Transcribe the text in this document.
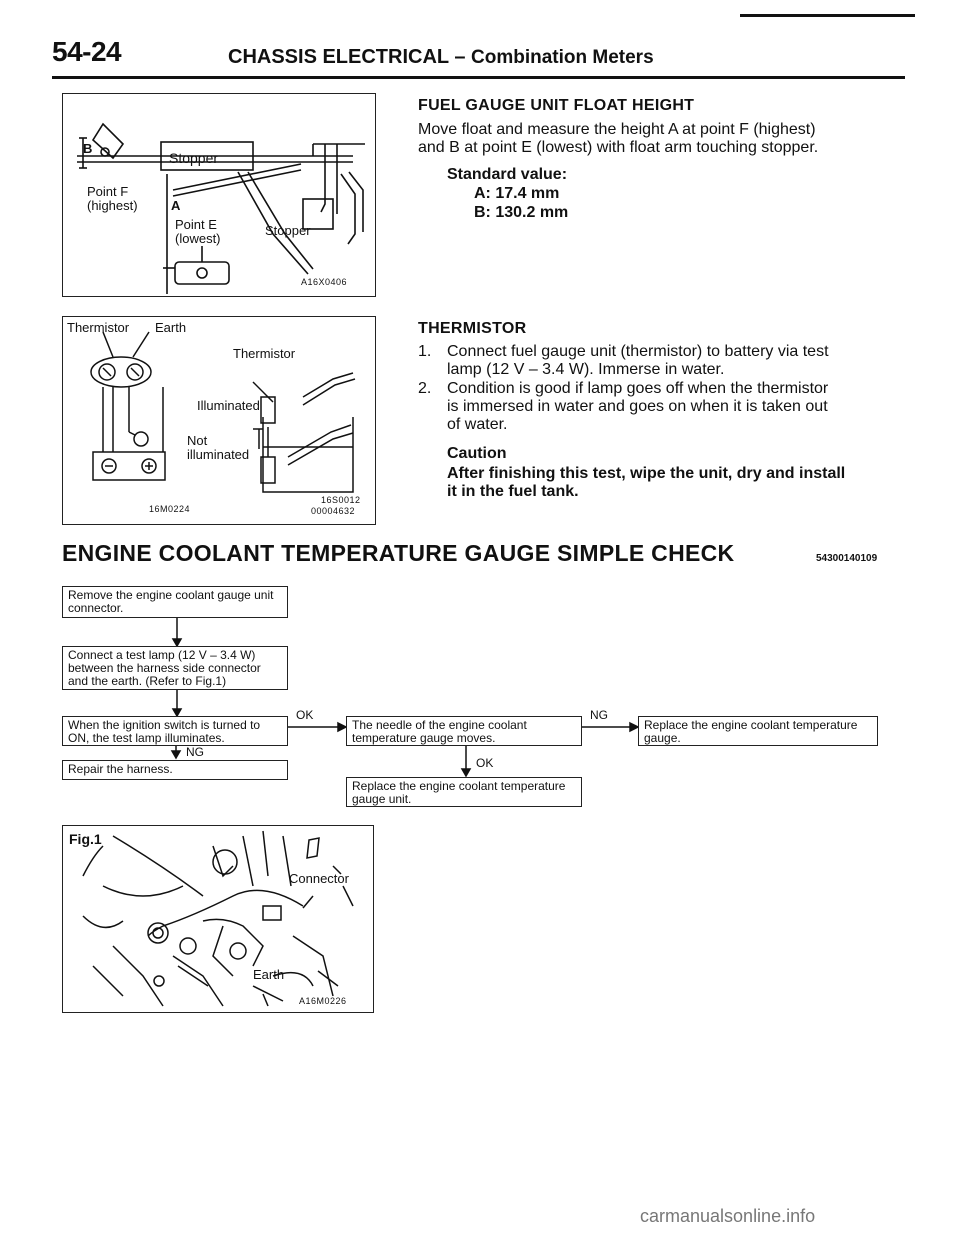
54-24	CHASSIS ELECTRICAL – Combination Meters
B
Stopper
Point F
(highest)	A
Point E
(lowest)
Stopper
A16X0406
Thermistor Earth
Thermistor
Illuminated
Not
illuminated
16M0224
16S0012
00004632
FUEL GAUGE UNIT FLOAT HEIGHT
Move float and measure the height A at point F (highest)
and B at point E (lowest) with float arm touching stopper.
Standard value:
A: 17.4 mm
B: 130.2 mm
THERMISTOR
1. Connect fuel gauge unit (thermistor) to battery via test
lamp (12 V – 3.4 W). Immerse in water.
2. Condition is good if lamp goes off when the thermistor
is immersed in water and goes on when it is taken out
of water.
Caution
After finishing this test, wipe the unit, dry and install
it in the fuel tank.
ENGINE COOLANT TEMPERATURE GAUGE SIMPLE CHECK	54300140109
Remove the engine coolant gauge unit connector.
Connect a test lamp (12 V – 3.4 W) between the harness side connector and the earth. (Refer to Fig.1)
When the ignition switch is turned to ON, the test lamp illuminates.
The needle of the engine coolant temperature gauge moves.
Replace the engine coolant temperature gauge.
Repair the harness.
Replace the engine coolant temperature gauge unit.
OK
NG
NG
OK
Fig.1
Connector
Earth
A16M0226
carmanualsonline.info
